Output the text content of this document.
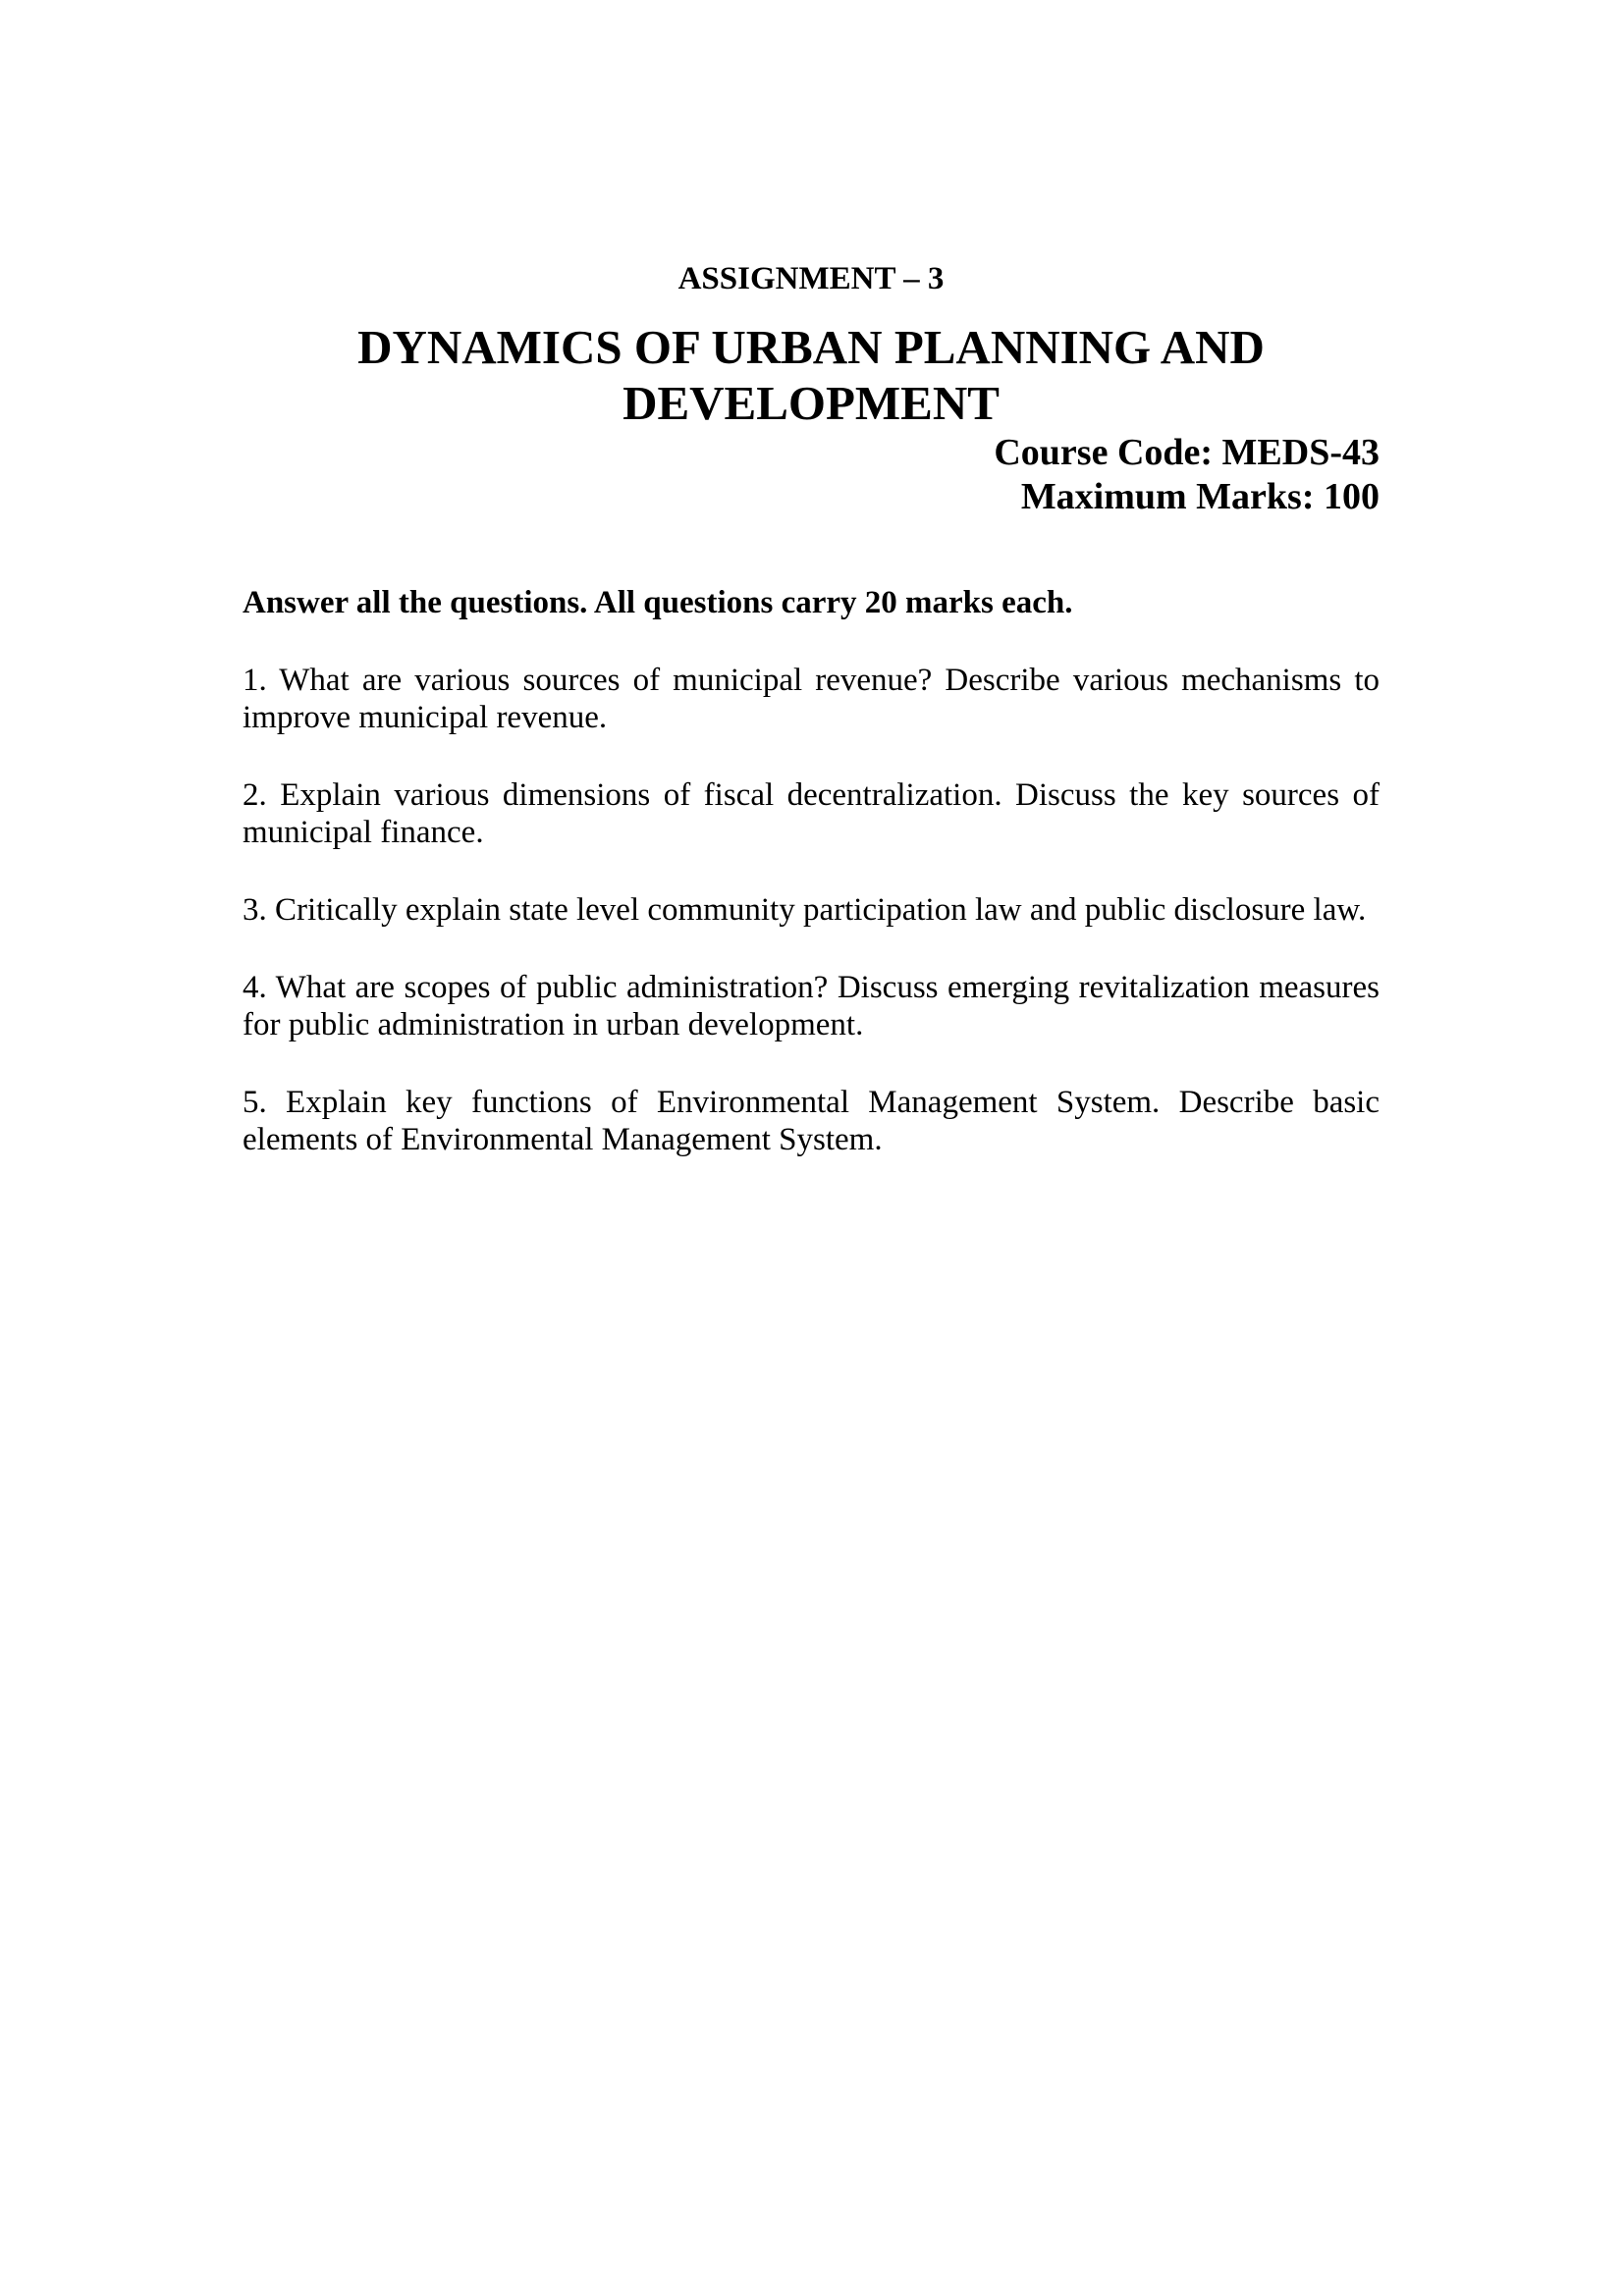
ASSIGNMENT – 3
DYNAMICS OF URBAN PLANNING AND DEVELOPMENT
Course Code: MEDS-43
Maximum Marks: 100
Answer all the questions. All questions carry 20 marks each.

1. What are various sources of municipal revenue? Describe various mechanisms to improve municipal revenue.

2. Explain various dimensions of fiscal decentralization. Discuss the key sources of municipal finance.

3. Critically explain state level community participation law and public disclosure law.

4. What are scopes of public administration? Discuss emerging revitalization measures for public administration in urban development.

5. Explain key functions of Environmental Management System. Describe basic elements of Environmental Management System.
